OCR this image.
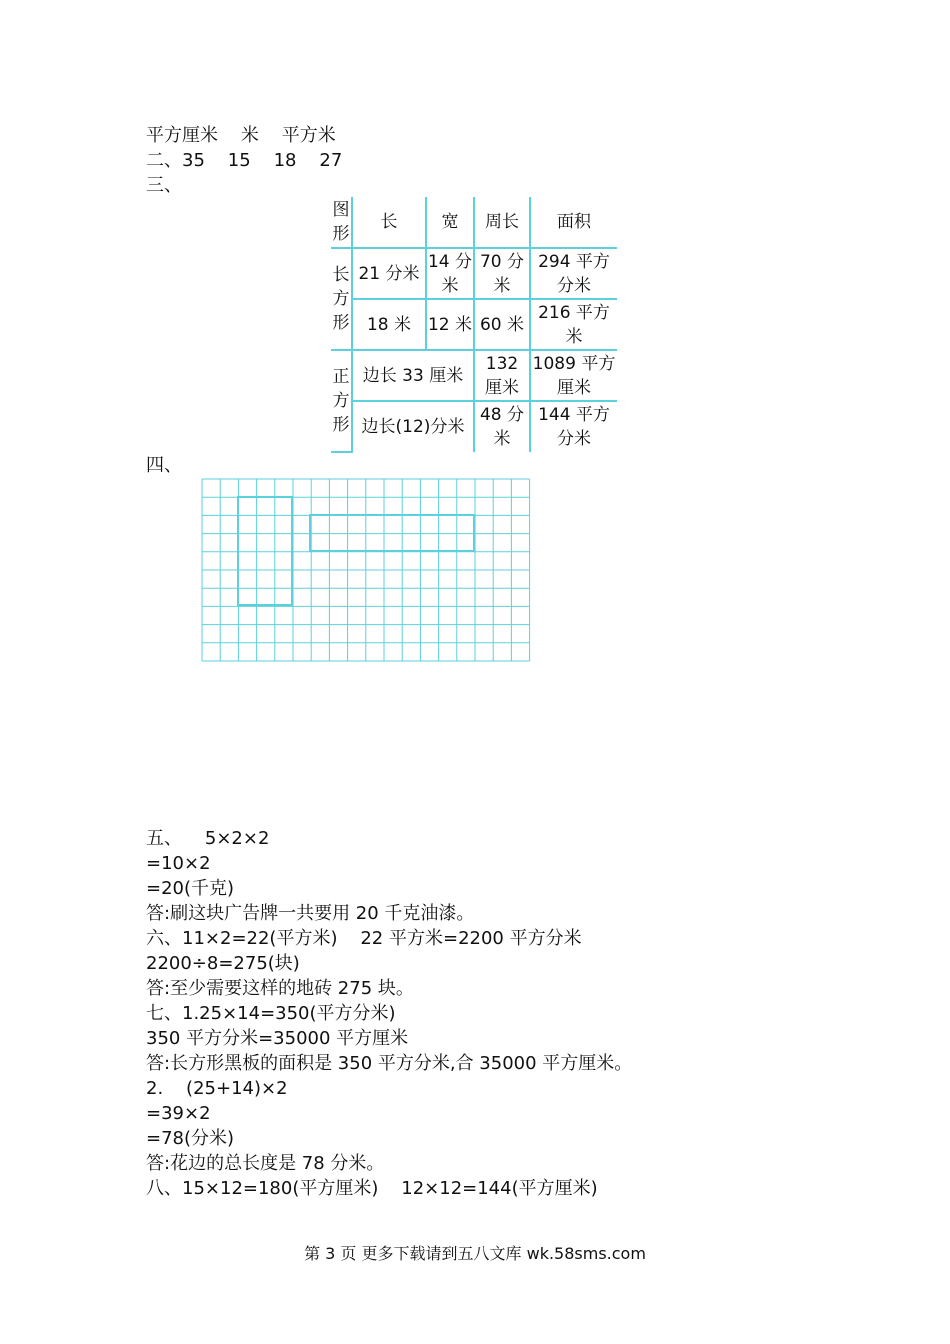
平方厘米    米    平方米
二、35    15    18    27
三、
图形	长	宽	周长	面积
长方形	21 分米	14 分米	70 分米	294 平方分米
	18 米	12 米	60 米	216 平方米
正方形	边长 33 厘米		132 厘米	1089 平方厘米
	边长(12)分米		48 分米	144 平方分米
四、
五、    5×2×2
=10×2
=20(千克)
答:刷这块广告牌一共要用 20 千克油漆。
六、11×2=22(平方米)    22 平方米=2200 平方分米
2200÷8=275(块)
答:至少需要这样的地砖 275 块。
七、1.25×14=350(平方分米)
350 平方分米=35000 平方厘米
答:长方形黑板的面积是 350 平方分米,合 35000 平方厘米。
2.    (25+14)×2
=39×2
=78(分米)
答:花边的总长度是 78 分米。
八、15×12=180(平方厘米)    12×12=144(平方厘米)
第 3 页 更多下载请到五八文库 wk.58sms.com
